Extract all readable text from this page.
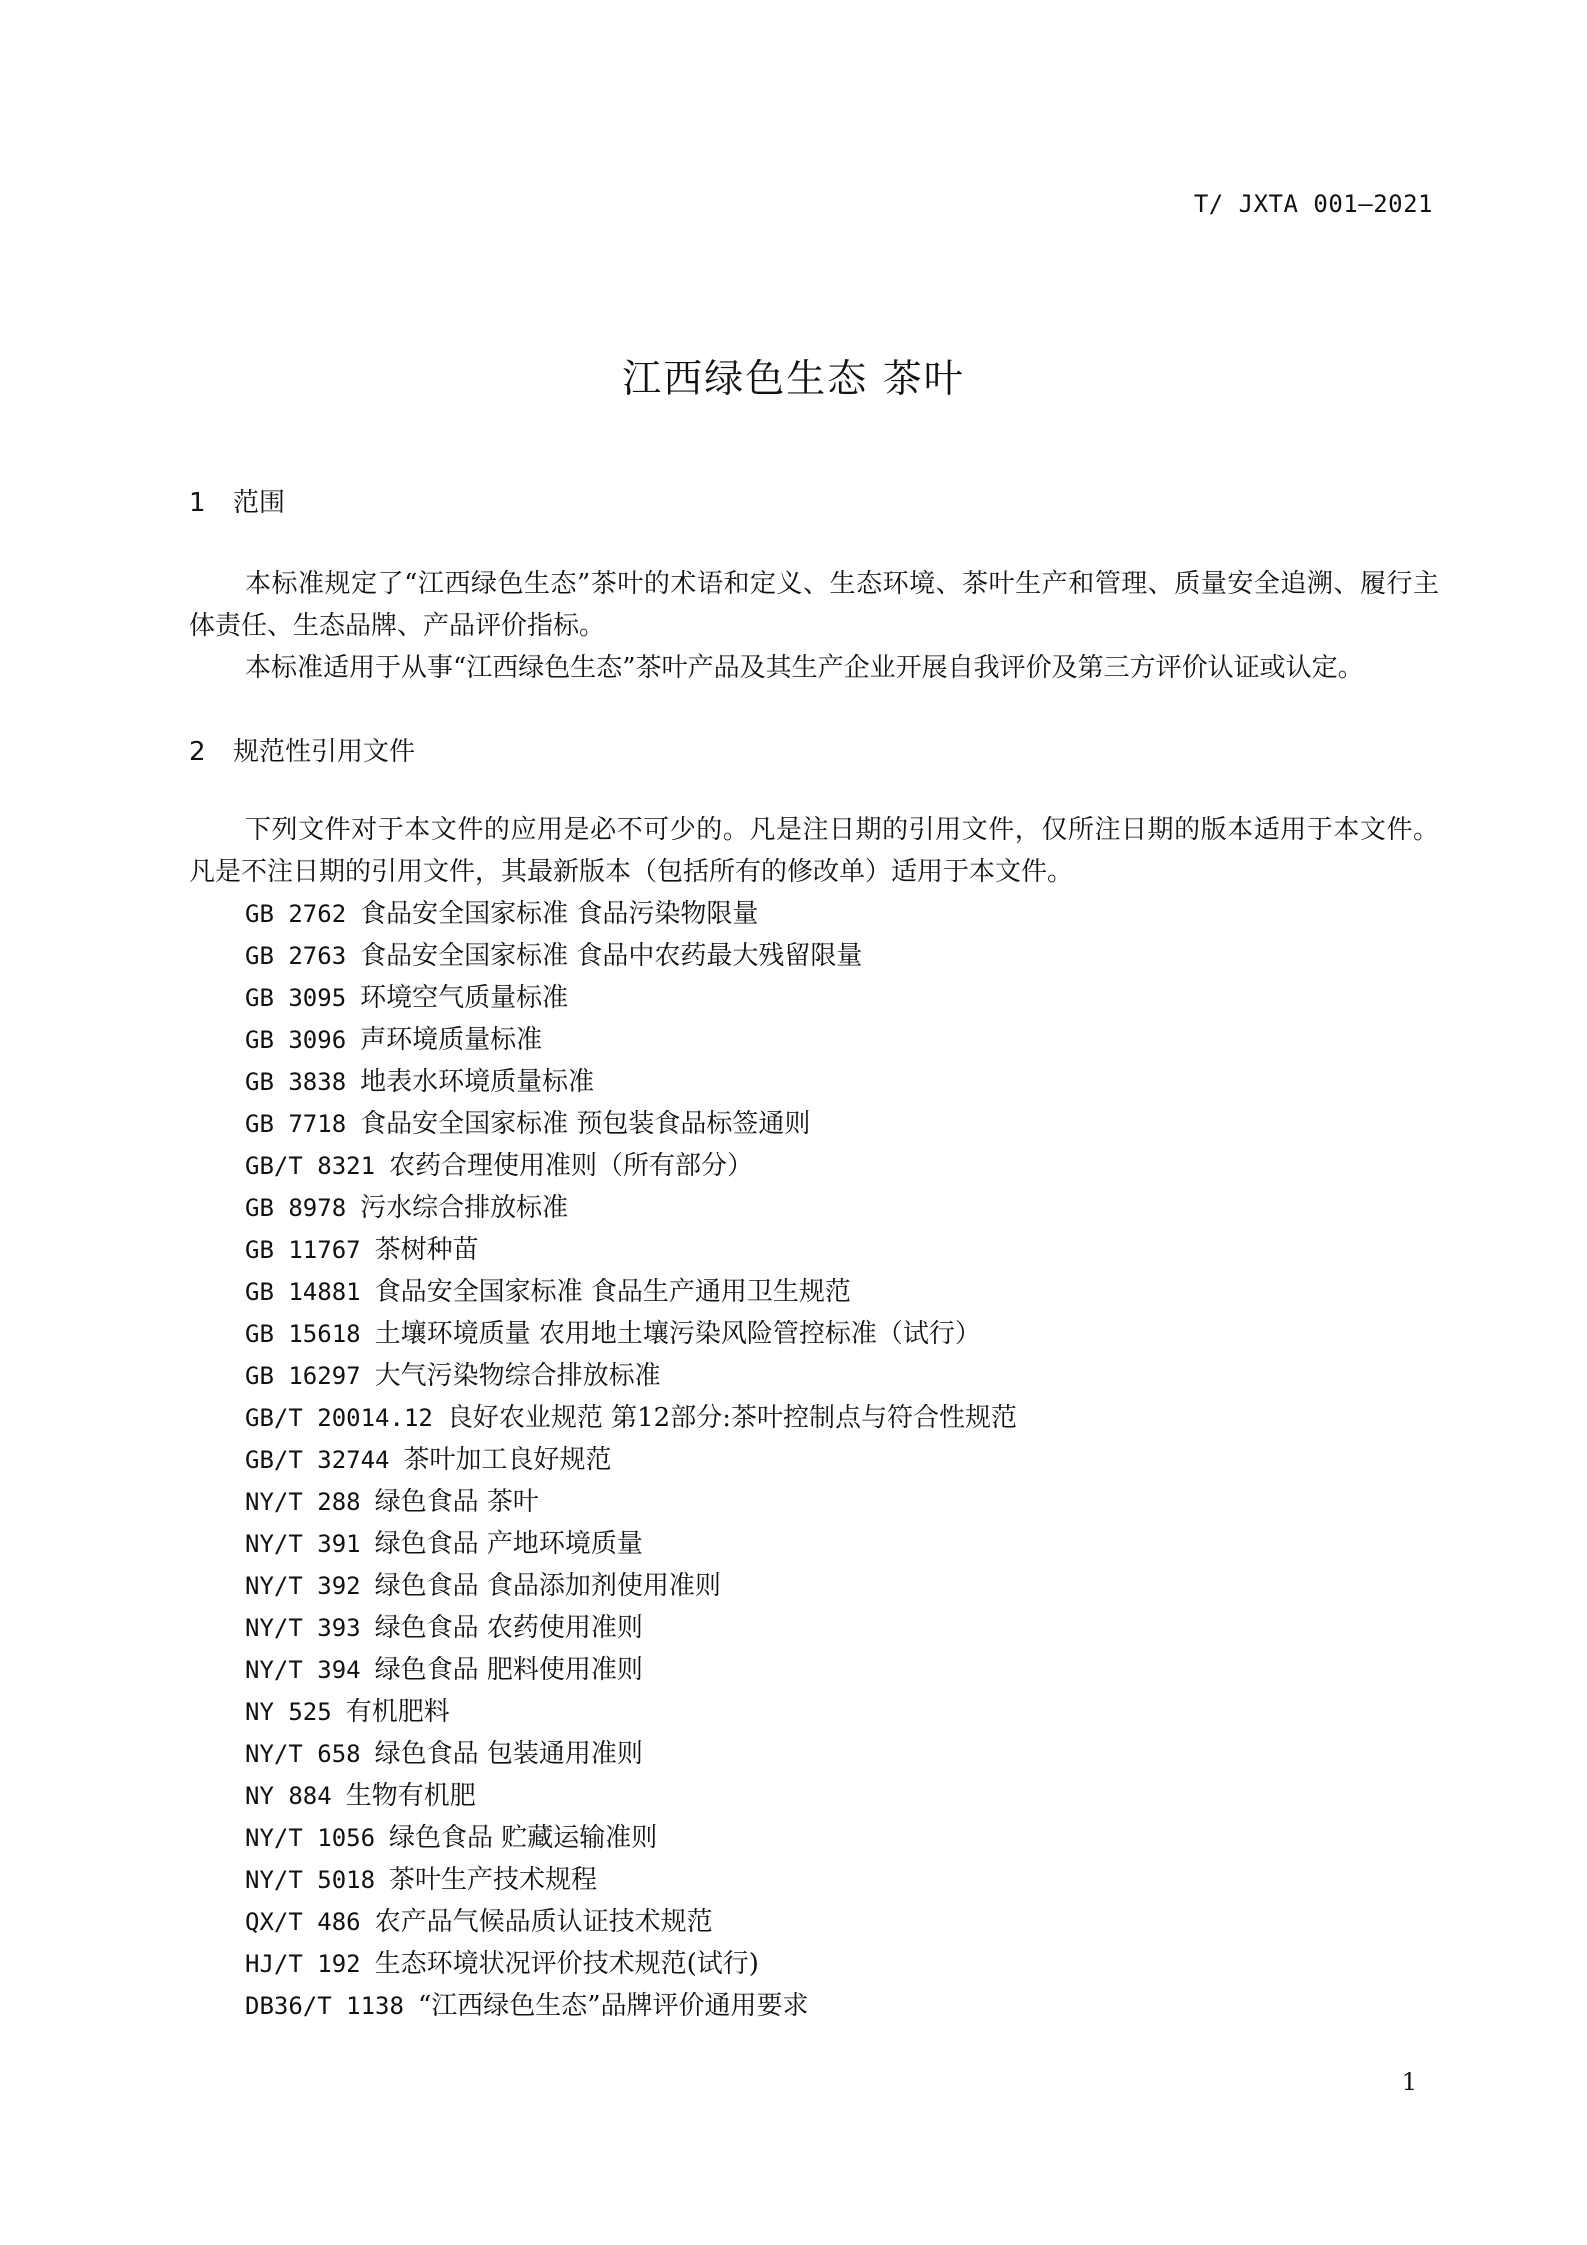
T/ JXTA 001—2021
江西绿色生态 茶叶
1 范围
本标准规定了“江西绿色生态”茶叶的术语和定义、生态环境、茶叶生产和管理、质量安全追溯、履行主体责任、生态品牌、产品评价指标。
本标准适用于从事“江西绿色生态”茶叶产品及其生产企业开展自我评价及第三方评价认证或认定。
2 规范性引用文件
下列文件对于本文件的应用是必不可少的。凡是注日期的引用文件，仅所注日期的版本适用于本文件。凡是不注日期的引用文件，其最新版本（包括所有的修改单）适用于本文件。
GB 2762 食品安全国家标准 食品污染物限量
GB 2763 食品安全国家标准 食品中农药最大残留限量
GB 3095 环境空气质量标准
GB 3096 声环境质量标准
GB 3838 地表水环境质量标准
GB 7718 食品安全国家标准 预包装食品标签通则
GB/T 8321 农药合理使用准则（所有部分）
GB 8978 污水综合排放标准
GB 11767 茶树种苗
GB 14881 食品安全国家标准 食品生产通用卫生规范
GB 15618 土壤环境质量 农用地土壤污染风险管控标准（试行）
GB 16297 大气污染物综合排放标准
GB/T 20014.12 良好农业规范 第12部分:茶叶控制点与符合性规范
GB/T 32744 茶叶加工良好规范
NY/T 288 绿色食品 茶叶
NY/T 391 绿色食品 产地环境质量
NY/T 392 绿色食品 食品添加剂使用准则
NY/T 393 绿色食品 农药使用准则
NY/T 394 绿色食品 肥料使用准则
NY 525 有机肥料
NY/T 658 绿色食品 包装通用准则
NY 884 生物有机肥
NY/T 1056 绿色食品 贮藏运输准则
NY/T 5018 茶叶生产技术规程
QX/T 486 农产品气候品质认证技术规范
HJ/T 192 生态环境状况评价技术规范(试行)
DB36/T 1138 “江西绿色生态”品牌评价通用要求
1
